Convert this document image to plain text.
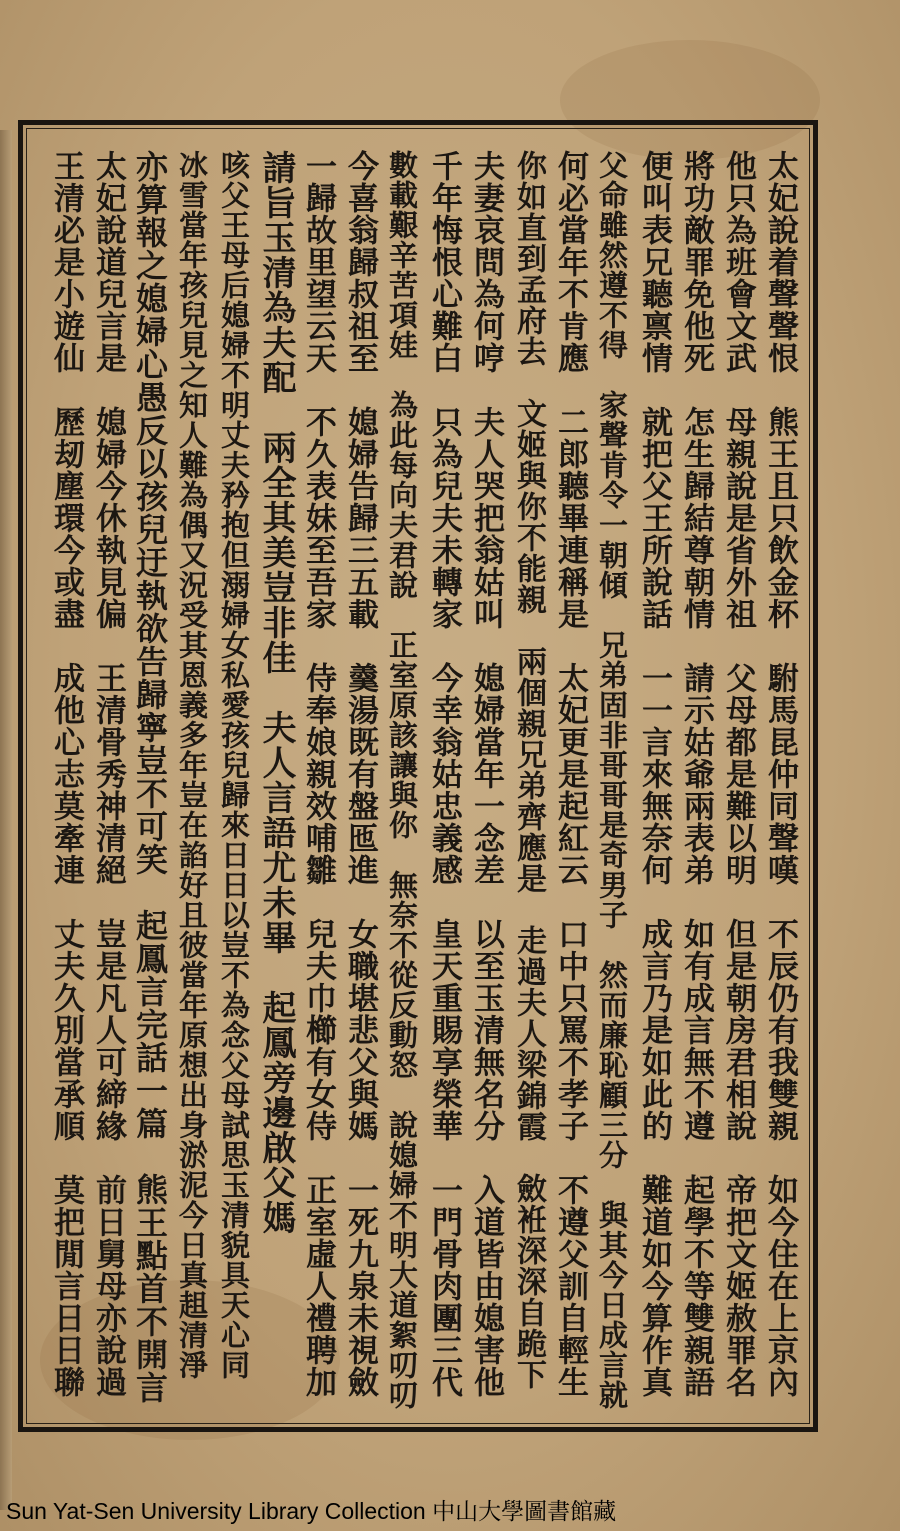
太妃說着聲聲恨　熊王且只飲金杯　駙馬昆仲同聲嘆　不辰仍有我雙親　如今住在上京內
他只為班會文武　母親說是省外祖　父母都是難以明　但是朝房君相說　帝把文姬赦罪名
將功敵罪免他死　怎生歸結尊朝情　請示姑爺兩表弟　如有成言無不遵　起學不等雙親語
便叫表兄聽禀情　就把父王所說話　一一言來無奈何　成言乃是如此的　難道如今算作真
父命雖然遵不得　家聲肯令一朝傾　兄弟固非哥哥是奇男子　然而廉恥顧三分　與其今日成言就
何必當年不肯應　二郎聽畢連稱是　太妃更是起紅云　口中只罵不孝子　不遵父訓自輕生
你如直到孟府去　文姬與你不能親　兩個親兄弟齊應是　走過夫人梁錦霞　斂袵深深自跪下
夫妻哀問為何哼　夫人哭把翁姑叫　媳婦當年一念差　以至玉清無名分　入道皆由媳害他
千年悔恨心難白　只為兒夫未轉家　今幸翁姑忠義感　皇天重賜享榮華　一門骨肉團三代
數載艱辛苦項娃　為此每向夫君說　正室原該讓與你　無奈不從反動怒　說媳婦不明大道絮叨叨
今喜翁歸叔祖至　媳婦告歸三五載　羹湯既有盤匜進　女職堪悲父與媽　一死九泉未視斂
一歸故里望云天　不久表妹至吾家　侍奉娘親效哺雛　兒夫巾櫛有女侍　正室虛人禮聘加
請旨玉清為夫配　兩全其美豈非佳　夫人言語尤未畢　起鳳旁邊啟父媽
咳父王母后媳婦不明丈夫矜抱但溺婦女私愛孩兒歸來日日以豈不為念父母試思玉清貌具天心同
冰雪當年孩兒見之知人難為偶又況受其恩義多年豈在諂好且彼當年原想出身淤泥今日真趄清淨
亦算報之媳婦心愚反以孩兒迂執欲告歸寧豈不可笑　起鳳言完話一篇　熊王點首不開言
太妃說道兒言是　媳婦今休執見偏　王清骨秀神清絕　豈是凡人可締緣　前日舅母亦說過
王清必是小遊仙　歷刼塵環今或盡　成他心志莫牽連　丈夫久別當承順　莫把閒言日日聯
Sun Yat-Sen University Library Collection 中山大學圖書館藏
